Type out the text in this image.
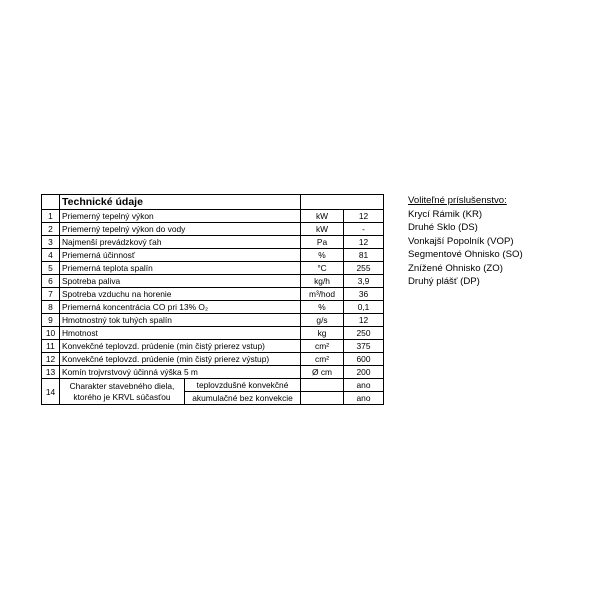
	Technické údaje			
1	Priemerný tepelný výkon		kW	12
2	Priemerný tepelný výkon do vody		kW	-
3	Najmenší prevádzkový ťah		Pa	12
4	Priemerná účinnosť		%	81
5	Priemerná teplota spalín		°C	255
6	Spotreba paliva		kg/h	3,9
7	Spotreba vzduchu na horenie		m³/hod	36
8	Priemerná koncentrácia CO pri 13% O₂		%	0,1
9	Hmotnostný tok tuhých spalín		g/s	12
10	Hmotnost		kg	250
11	Konvekčné teplovzd. prúdenie (min čistý prierez vstup)		cm²	375
12	Konvekčné teplovzd. prúdenie (min čistý prierez výstup)		cm²	600
13	Komín trojvrstvový účinná výška 5 m		Ø cm	200
14	Charakter stavebného diela,
ktorého je KRVL súčasťou	teplovzdušné konvekčné		ano
		akumulačné bez konvekcie		ano
Voliteľné príslušenstvo:
Krycí Rámik (KR)
Druhé Sklo (DS)
Vonkajší Popolník (VOP)
Segmentové Ohnisko (SO)
Znížené Ohnisko (ZO)
Druhý plášť (DP)
